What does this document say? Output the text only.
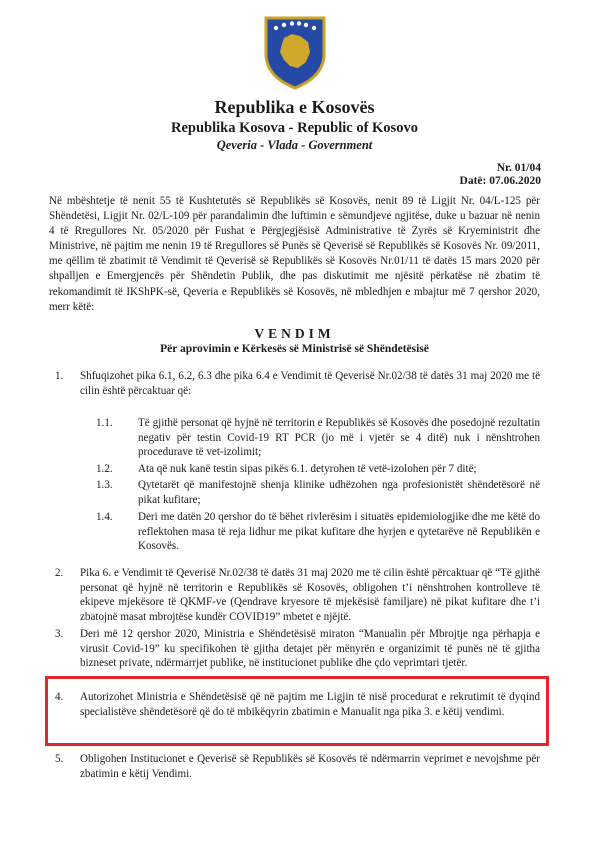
Republika e Kosovës
Republika Kosova - Republic of Kosovo
Qeveria - Vlada - Government
Nr. 01/04
Datë: 07.06.2020
Në mbështetje të nenit 55 të Kushtetutës së Republikës së Kosovës, nenit 89 të Ligjit Nr. 04/L-125 për Shëndetësi, Ligjit Nr. 02/L-109 për parandalimin dhe luftimin e sëmundjeve ngjitëse, duke u bazuar në nenin 4 të Rregullores Nr. 05/2020 për Fushat e Përgjegjësisë Administrative të Zyrës së Kryeministrit dhe Ministrive, në pajtim me nenin 19 të Rregullores së Punës së Qeverisë së Republikës së Kosovës Nr. 09/2011, me qëllim të zbatimit të Vendimit të Qeverisë së Republikës së Kosovës Nr.01/11 të datës 15 mars 2020 për shpalljen e Emergjencës për Shëndetin Publik, dhe pas diskutimit me njësitë përkatëse në zbatim të rekomandimit të IKShPK-së, Qeveria e Republikës së Kosovës, në mbledhjen e mbajtur më 7 qershor 2020, merr këtë:
VENDIM
Për aprovimin e Kërkesës së Ministrisë së Shëndetësisë
1. Shfuqizohet pika 6.1, 6.2, 6.3 dhe pika 6.4 e Vendimit të Qeverisë Nr.02/38 të datës 31 maj 2020 me të cilin është përcaktuar që:
1.1. Të gjithë personat që hyjnë në territorin e Republikës së Kosovës dhe posedojnë rezultatin negativ për testin Covid-19 RT PCR (jo më i vjetër se 4 ditë) nuk i nënshtrohen procedurave të vet-izolimit;
1.2. Ata që nuk kanë testin sipas pikës 6.1. detyrohen të vetë-izolohen për 7 ditë;
1.3. Qytetarët që manifestojnë shenja klinike udhëzohen nga profesionistët shëndetësorë në pikat kufitare;
1.4. Deri me datën 20 qershor do të bëhet rivlerësim i situatës epidemiologjike dhe me këtë do reflektohen masa të reja lidhur me pikat kufitare dhe hyrjen e qytetarëve në Republikën e Kosovës.
2. Pika 6. e Vendimit të Qeverisë Nr.02/38 të datës 31 maj 2020 me të cilin është përcaktuar që “Të gjithë personat që hyjnë në territorin e Republikës së Kosovës, obligohen t’i nënshtrohen kontrolleve të ekipeve mjekësore të QKMF-ve (Qendrave kryesore të mjekësisë familjare) në pikat kufitare dhe t’i zbatojnë masat mbrojtëse kundër COVID19” mbetet e njëjtë.
3. Deri më 12 qershor 2020, Ministria e Shëndetësisë miraton “Manualin për Mbrojtje nga përhapja e virusit Covid-19” ku specifikohen të gjitha detajet për mënyrën e organizimit të punës në të gjitha bizneset private, ndërmarrjet publike, në institucionet publike dhe çdo veprimtari tjetër.
4. Autorizohet Ministria e Shëndetësisë që në pajtim me Ligjin të nisë procedurat e rekrutimit të dyqind specialistëve shëndetësorë që do të mbikëqyrin zbatimin e Manualit nga pika 3. e këtij vendimi.
5. Obligohen Institucionet e Qeverisë së Republikës së Kosovës të ndërmarrin veprimet e nevojshme për zbatimin e këtij Vendimi.
